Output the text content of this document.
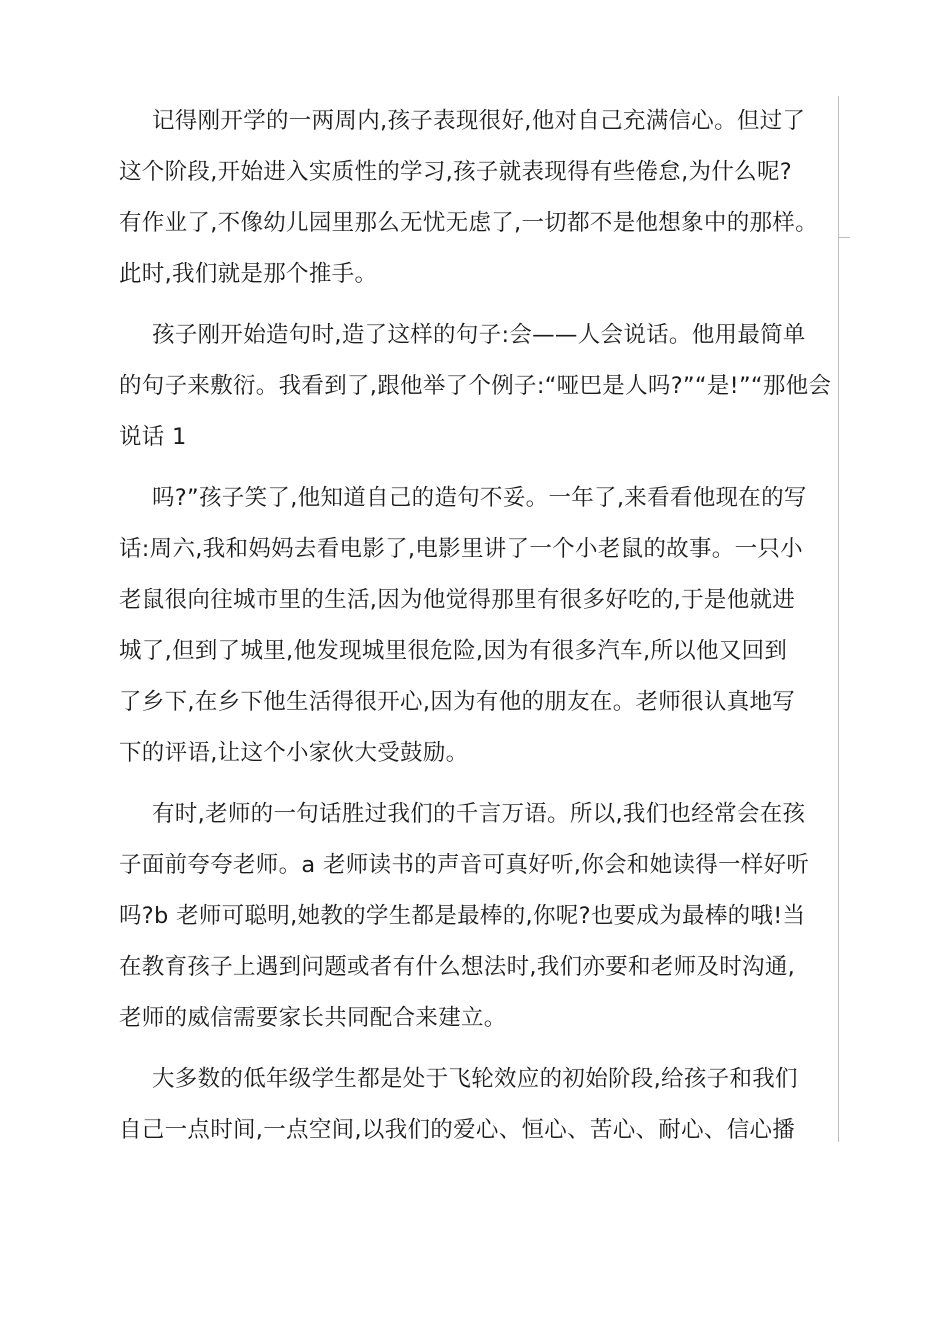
记得刚开学的一两周内,孩子表现很好,他对自己充满信心。但过了
这个阶段,开始进入实质性的学习,孩子就表现得有些倦怠,为什么呢?
有作业了,不像幼儿园里那么无忧无虑了,一切都不是他想象中的那样。
此时,我们就是那个推手。

孩子刚开始造句时,造了这样的句子:会——人会说话。他用最简单
的句子来敷衍。我看到了,跟他举了个例子:“哑巴是人吗?”“是!”“那他会
说话 1

吗?”孩子笑了,他知道自己的造句不妥。一年了,来看看他现在的写
话:周六,我和妈妈去看电影了,电影里讲了一个小老鼠的故事。一只小
老鼠很向往城市里的生活,因为他觉得那里有很多好吃的,于是他就进
城了,但到了城里,他发现城里很危险,因为有很多汽车,所以他又回到
了乡下,在乡下他生活得很开心,因为有他的朋友在。老师很认真地写
下的评语,让这个小家伙大受鼓励。

有时,老师的一句话胜过我们的千言万语。所以,我们也经常会在孩
子面前夸夸老师。a 老师读书的声音可真好听,你会和她读得一样好听
吗?b 老师可聪明,她教的学生都是最棒的,你呢?也要成为最棒的哦!当
在教育孩子上遇到问题或者有什么想法时,我们亦要和老师及时沟通,
老师的威信需要家长共同配合来建立。

大多数的低年级学生都是处于飞轮效应的初始阶段,给孩子和我们
自己一点时间,一点空间,以我们的爱心、恒心、苦心、耐心、信心播
